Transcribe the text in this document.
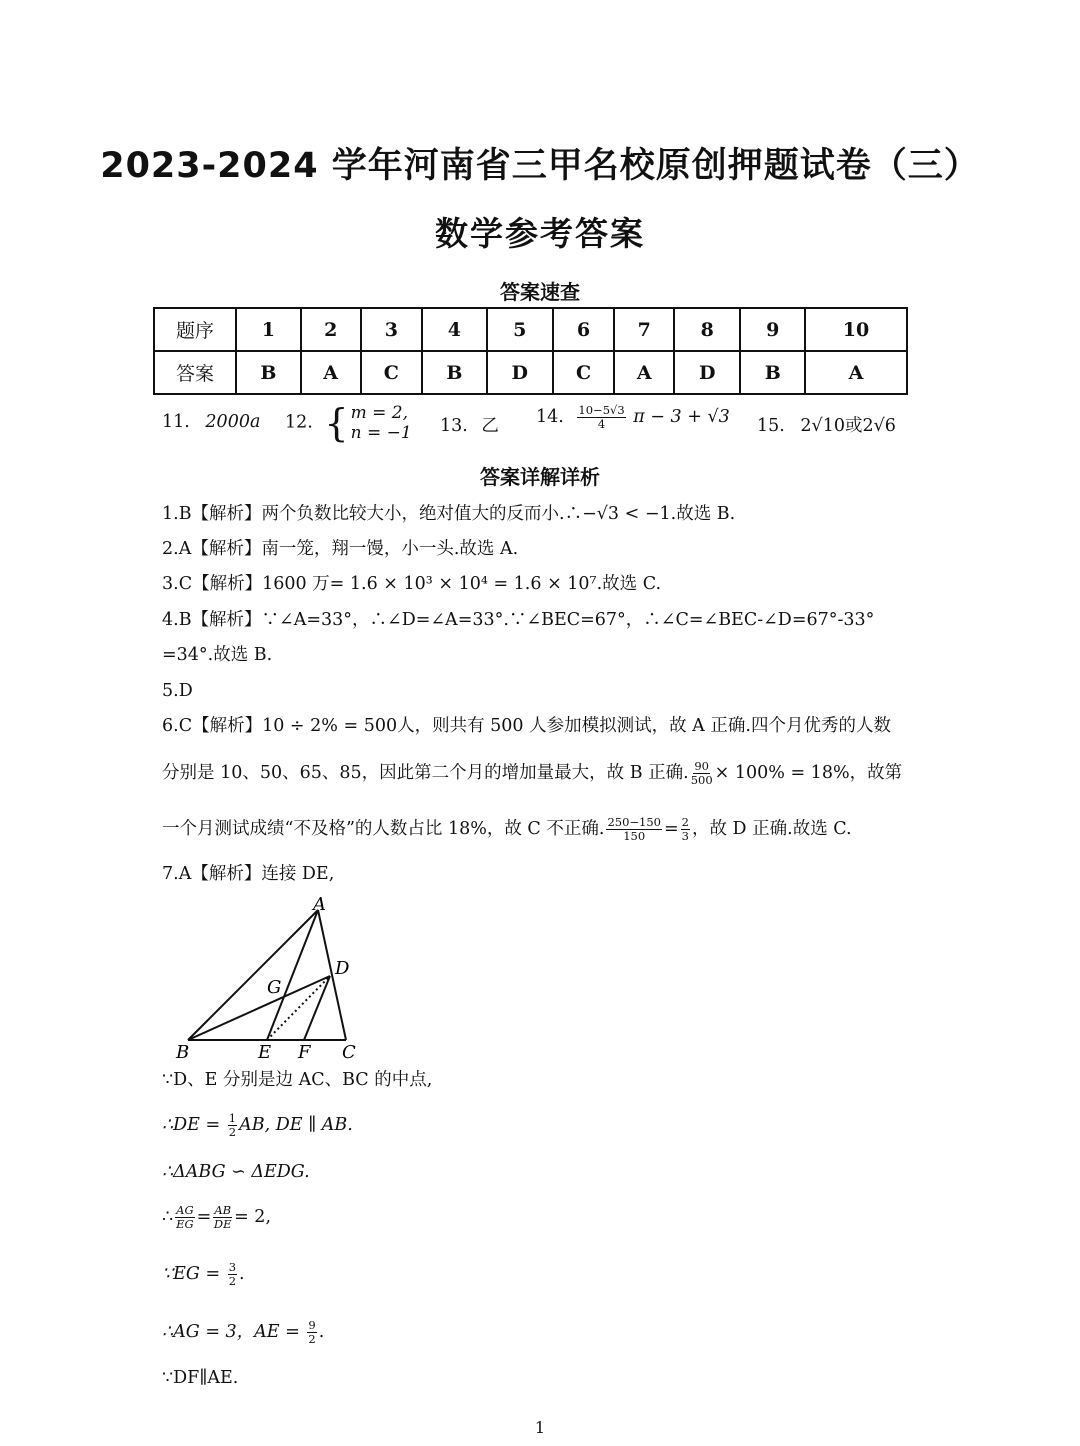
2023-2024 学年河南省三甲名校原创押题试卷（三）
数学参考答案
答案速查
题序	1	2	3	4	5	6	7	8	9	10
答案	B	A	C	B	D	C	A	D	B	A
11. 2000a 12. { m = 2,
n = −1 13. 乙 14. $\frac{10-5√3}{4}$ π − 3 + √3 15. 2√10或2√6
答案详解详析
1.B【解析】两个负数比较大小，绝对值大的反而小.∴−√3 < −1.故选 B.
2.A【解析】南一笼，翔一馒，小一头.故选 A.
3.C【解析】1600 万= 1.6 × 10³ × 10⁴ = 1.6 × 10⁷.故选 C.
4.B【解析】∵∠A=33°，∴∠D=∠A=33°.∵∠BEC=67°，∴∠C=∠BEC-∠D=67°-33°
=34°.故选 B.
5.D
6.C【解析】10 ÷ 2% = 500人，则共有 500 人参加模拟测试，故 A 正确.四个月优秀的人数
分别是 10、50、65、85，因此第二个月的增加量最大，故 B 正确. $\frac{90}{500} \times 100\% = 18\%$，故第
一个月测试成绩“不及格”的人数占比 18%，故 C 不正确. $\frac{250-150}{150} = \frac{2}{3}$ ，故 D 正确.故选 C.
7.A【解析】连接 DE,
A
D
G
B	E F C
∵D、E 分别是边 AC、BC 的中点,
∴DE = $\frac{1}{2}$ AB, DE ∥ AB.
∴ΔABG ∽ ΔEDG.
∴ $\frac{AG}{EG} = \frac{AB}{DE} = 2$,
∵EG = $\frac{3}{2}$ .
∴AG = 3，AE = $\frac{9}{2}$ .
∵DF∥AE.
1
